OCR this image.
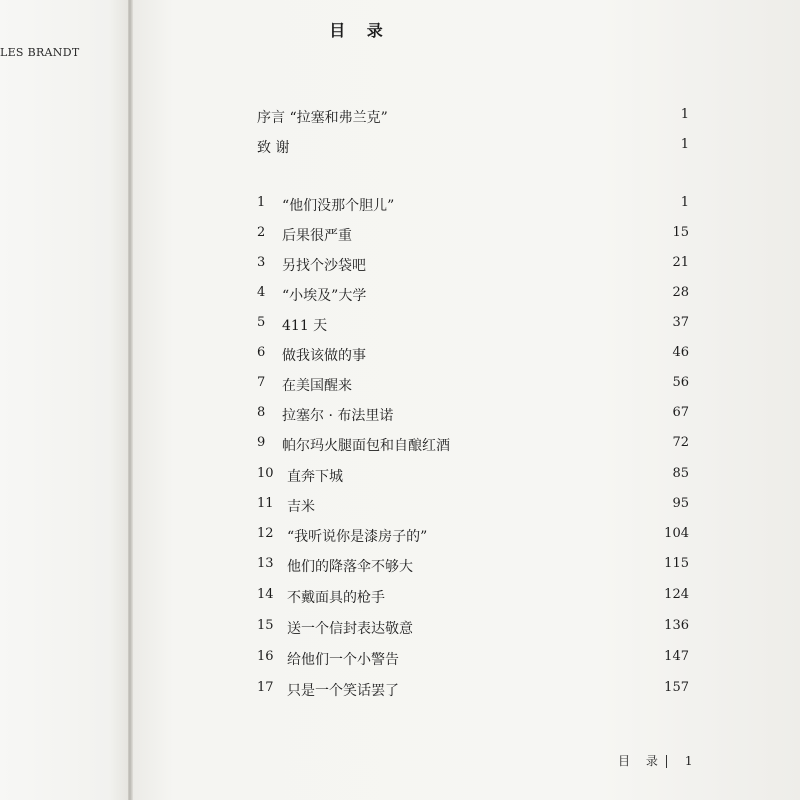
LES BRANDT
目 录
序言 “拉塞和弗兰克”	1
致 谢	1
1	“他们没那个胆儿”	1
2	后果很严重	15
3	另找个沙袋吧	21
4	“小埃及”大学	28
5	411 天	37
6	做我该做的事	46
7	在美国醒来	56
8	拉塞尔 · 布法里诺	67
9	帕尔玛火腿面包和自酿红酒	72
10 直奔下城	85
11 吉米	95
12 “我听说你是漆房子的”	104
13 他们的降落伞不够大	115
14 不戴面具的枪手	124
15 送一个信封表达敬意	136
16 给他们一个小警告	147
17 只是一个笑话罢了	157
目 录 1
